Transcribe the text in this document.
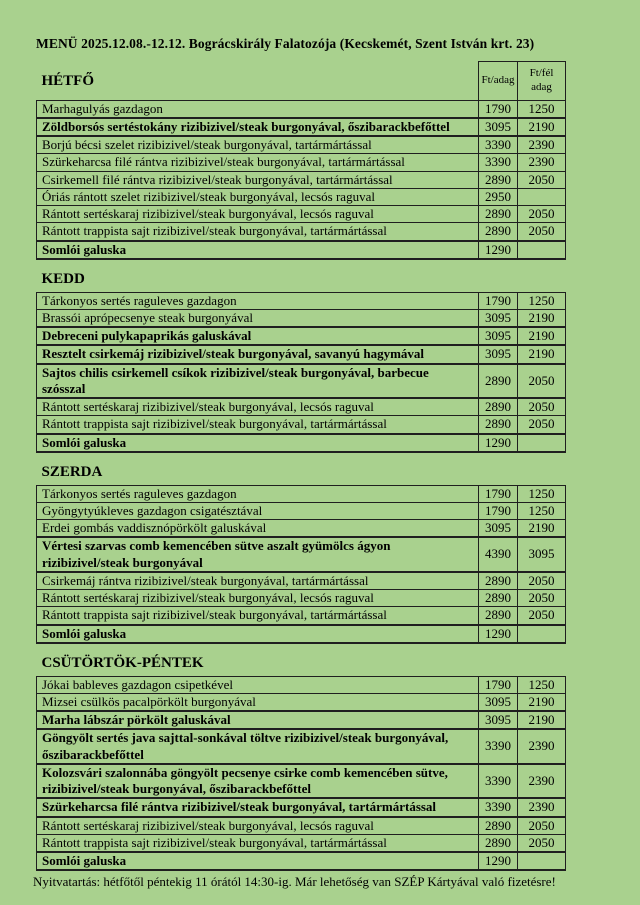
MENÜ 2025.12.08.-12.12. Bográcskirály Falatozója (Kecskemét, Szent István krt. 23)

HÉTFŐ	Ft/adag	Ft/fél adag
Marhagulyás gazdagon	1790	1250
Zöldborsós sertéstokány rizibizivel/steak burgonyával, őszibarackbefőttel	3095	2190
Borjú bécsi szelet rizibizivel/steak burgonyával, tartármártással	3390	2390
Szürkeharcsa filé rántva rizibizivel/steak burgonyával, tartármártással	3390	2390
Csirkemell filé rántva rizibizivel/steak burgonyával, tartármártással	2890	2050
Óriás rántott szelet rizibizivel/steak burgonyával, lecsós raguval	2950	
Rántott sertéskaraj rizibizivel/steak burgonyával, lecsós raguval	2890	2050
Rántott trappista sajt rizibizivel/steak burgonyával, tartármártással	2890	2050
Somlói galuska	1290	
KEDD		
Tárkonyos sertés raguleves gazdagon	1790	1250
Brassói aprópecsenye steak burgonyával	3095	2190
Debreceni pulykapaprikás galuskával	3095	2190
Resztelt csirkemáj rizibizivel/steak burgonyával, savanyú hagymával	3095	2190
Sajtos chilis csirkemell csíkok rizibizivel/steak burgonyával, barbecue szósszal	2890	2050
Rántott sertéskaraj rizibizivel/steak burgonyával, lecsós raguval	2890	2050
Rántott trappista sajt rizibizivel/steak burgonyával, tartármártással	2890	2050
Somlói galuska	1290	
SZERDA		
Tárkonyos sertés raguleves gazdagon	1790	1250
Gyöngytyúkleves gazdagon csigatésztával	1790	1250
Erdei gombás vaddisznópörkölt galuskával	3095	2190
Vértesi szarvas comb kemencében sütve aszalt gyümölcs ágyon rizibizivel/steak burgonyával	4390	3095
Csirkemáj rántva rizibizivel/steak burgonyával, tartármártással	2890	2050
Rántott sertéskaraj rizibizivel/steak burgonyával, lecsós raguval	2890	2050
Rántott trappista sajt rizibizivel/steak burgonyával, tartármártással	2890	2050
Somlói galuska	1290	
CSÜTÖRTÖK-PÉNTEK		
Jókai bableves gazdagon csipetkével	1790	1250
Mizsei csülkös pacalpörkölt burgonyával	3095	2190
Marha lábszár pörkölt galuskával	3095	2190
Göngyölt sertés java sajttal-sonkával töltve rizibizivel/steak burgonyával, őszibarackbefőttel	3390	2390
Kolozsvári szalonnába göngyölt pecsenye csirke comb kemencében sütve, rizibizivel/steak burgonyával, őszibarackbefőttel	3390	2390
Szürkeharcsa filé rántva rizibizivel/steak burgonyával, tartármártással	3390	2390
Rántott sertéskaraj rizibizivel/steak burgonyával, lecsós raguval	2890	2050
Rántott trappista sajt rizibizivel/steak burgonyával, tartármártással	2890	2050
Somlói galuska	1290	

Nyitvatartás: hétfőtől péntekig 11 órától 14:30-ig. Már lehetőség van SZÉP Kártyával való fizetésre!
